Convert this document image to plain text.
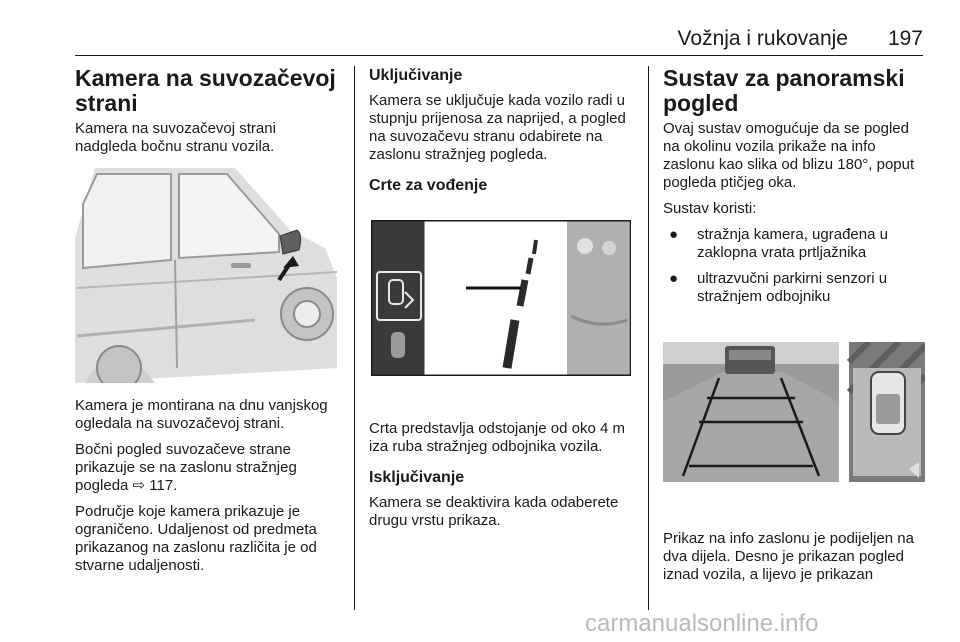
Vožnja i rukovanje 197
Kamera na suvozačevoj strani

Kamera na suvozačevoj strani nadgleda bočnu stranu vozila.

Kamera je montirana na dnu vanjskog ogledala na suvozačevoj strani.

Bočni pogled suvozačeve strane prikazuje se na zaslonu stražnjeg pogleda ⇨ 117.

Područje koje kamera prikazuje je ograničeno. Udaljenost od predmeta prikazanog na zaslonu različita je od stvarne udaljenosti.

Uključivanje

Kamera se uključuje kada vozilo radi u stupnju prijenosa za naprijed, a pogled na suvozačevu stranu odabirete na zaslonu stražnjeg pogleda.

Crte za vođenje

Crta predstavlja odstojanje od oko 4 m iza ruba stražnjeg odbojnika vozila.

Isključivanje

Kamera se deaktivira kada odaberete drugu vrstu prikaza.

Sustav za panoramski pogled

Ovaj sustav omogućuje da se pogled na okolinu vozila prikaže na info zaslonu kao slika od blizu 180°, poput pogleda ptičjeg oka.

Sustav koristi:

● stražnja kamera, ugrađena u zaklopna vrata prtljažnika
● ultrazvučni parkirni senzori u stražnjem odbojniku

Prikaz na info zaslonu je podijeljen na dva dijela. Desno je prikazan pogled iznad vozila, a lijevo je prikazan

carmanualsonline.info
